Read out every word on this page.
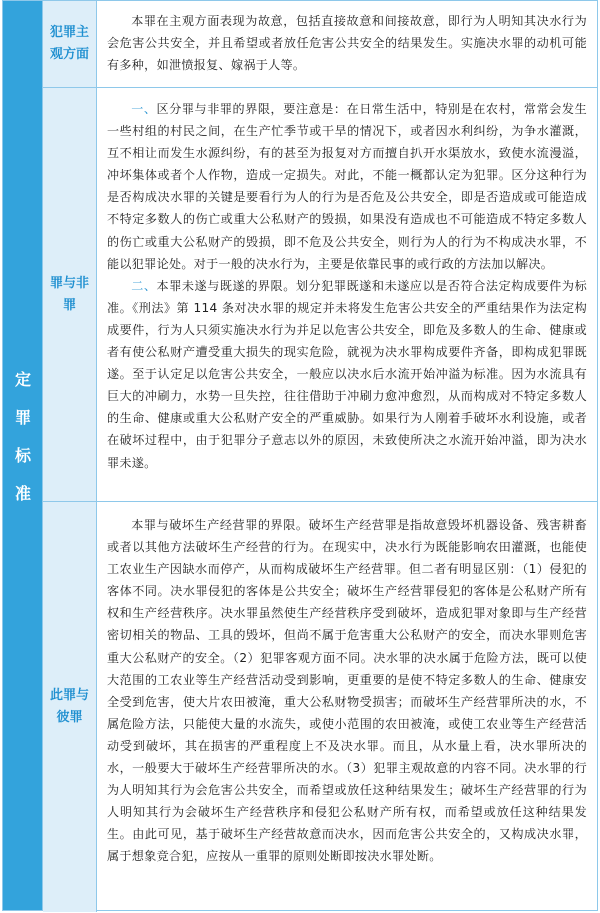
定
罪
标
准
犯罪主观方面

本罪在主观方面表现为故意，包括直接故意和间接故意，即行为人明知其决水行为会危害公共安全，并且希望或者放任危害公共安全的结果发生。实施决水罪的动机可能有多种，如泄愤报复、嫁祸于人等。

罪与非罪

一、区分罪与非罪的界限，要注意是：在日常生活中，特别是在农村，常常会发生一些村组的村民之间，在生产忙季节或干旱的情况下，或者因水利纠纷，为争水灌溉，互不相让而发生水源纠纷，有的甚至为报复对方而擅自扒开水渠放水，致使水流漫溢，冲坏集体或者个人作物，造成一定损失。对此，不能一概都认定为犯罪。区分这种行为是否构成决水罪的关键是要看行为人的行为是否危及公共安全，即是否造成或可能造成不特定多数人的伤亡或重大公私财产的毁损，如果没有造成也不可能造成不特定多数人的伤亡或重大公私财产的毁损，即不危及公共安全，则行为人的行为不构成决水罪，不能以犯罪论处。对于一般的决水行为，主要是依靠民事的或行政的方法加以解决。

二、本罪未遂与既遂的界限。划分犯罪既遂和未遂应以是否符合法定构成要件为标准。《刑法》第 114 条对决水罪的规定并未将发生危害公共安全的严重结果作为法定构成要件，行为人只须实施决水行为并足以危害公共安全，即危及多数人的生命、健康或者有使公私财产遭受重大损失的现实危险，就视为决水罪构成要件齐备，即构成犯罪既遂。至于认定足以危害公共安全，一般应以决水后水流开始冲溢为标准。因为水流具有巨大的冲刷力，水势一旦失控，往往借助于冲刷力愈冲愈烈，从而构成对不特定多数人的生命、健康或重大公私财产安全的严重威胁。如果行为人刚着手破坏水利设施，或者在破坏过程中，由于犯罪分子意志以外的原因，未致使所决之水流开始冲溢，即为决水罪未遂。

此罪与彼罪

本罪与破坏生产经营罪的界限。破坏生产经营罪是指故意毁坏机器设备、残害耕畜或者以其他方法破坏生产经营的行为。在现实中，决水行为既能影响农田灌溉，也能使工农业生产因缺水而停产，从而构成破坏生产经营罪。但二者有明显区别：（1）侵犯的客体不同。决水罪侵犯的客体是公共安全；破坏生产经营罪侵犯的客体是公私财产所有权和生产经营秩序。决水罪虽然使生产经营秩序受到破坏，造成犯罪对象即与生产经营密切相关的物品、工具的毁坏，但尚不属于危害重大公私财产的安全，而决水罪则危害重大公私财产的安全。（2）犯罪客观方面不同。决水罪的决水属于危险方法，既可以使大范围的工农业等生产经营活动受到影响，更重要的是使不特定多数人的生命、健康安全受到危害，使大片农田被淹，重大公私财物受损害；而破坏生产经营罪所决的水，不属危险方法，只能使大量的水流失，或使小范围的农田被淹，或使工农业等生产经营活动受到破坏，其在损害的严重程度上不及决水罪。而且，从水量上看，决水罪所决的水，一般要大于破坏生产经营罪所决的水。（3）犯罪主观故意的内容不同。决水罪的行为人明知其行为会危害公共安全，而希望或放任这种结果发生；破坏生产经营罪的行为人明知其行为会破坏生产经营秩序和侵犯公私财产所有权，而希望或放任这种结果发生。由此可见，基于破坏生产经营故意而决水，因而危害公共安全的，又构成决水罪，属于想象竞合犯，应按从一重罪的原则处断即按决水罪处断。
